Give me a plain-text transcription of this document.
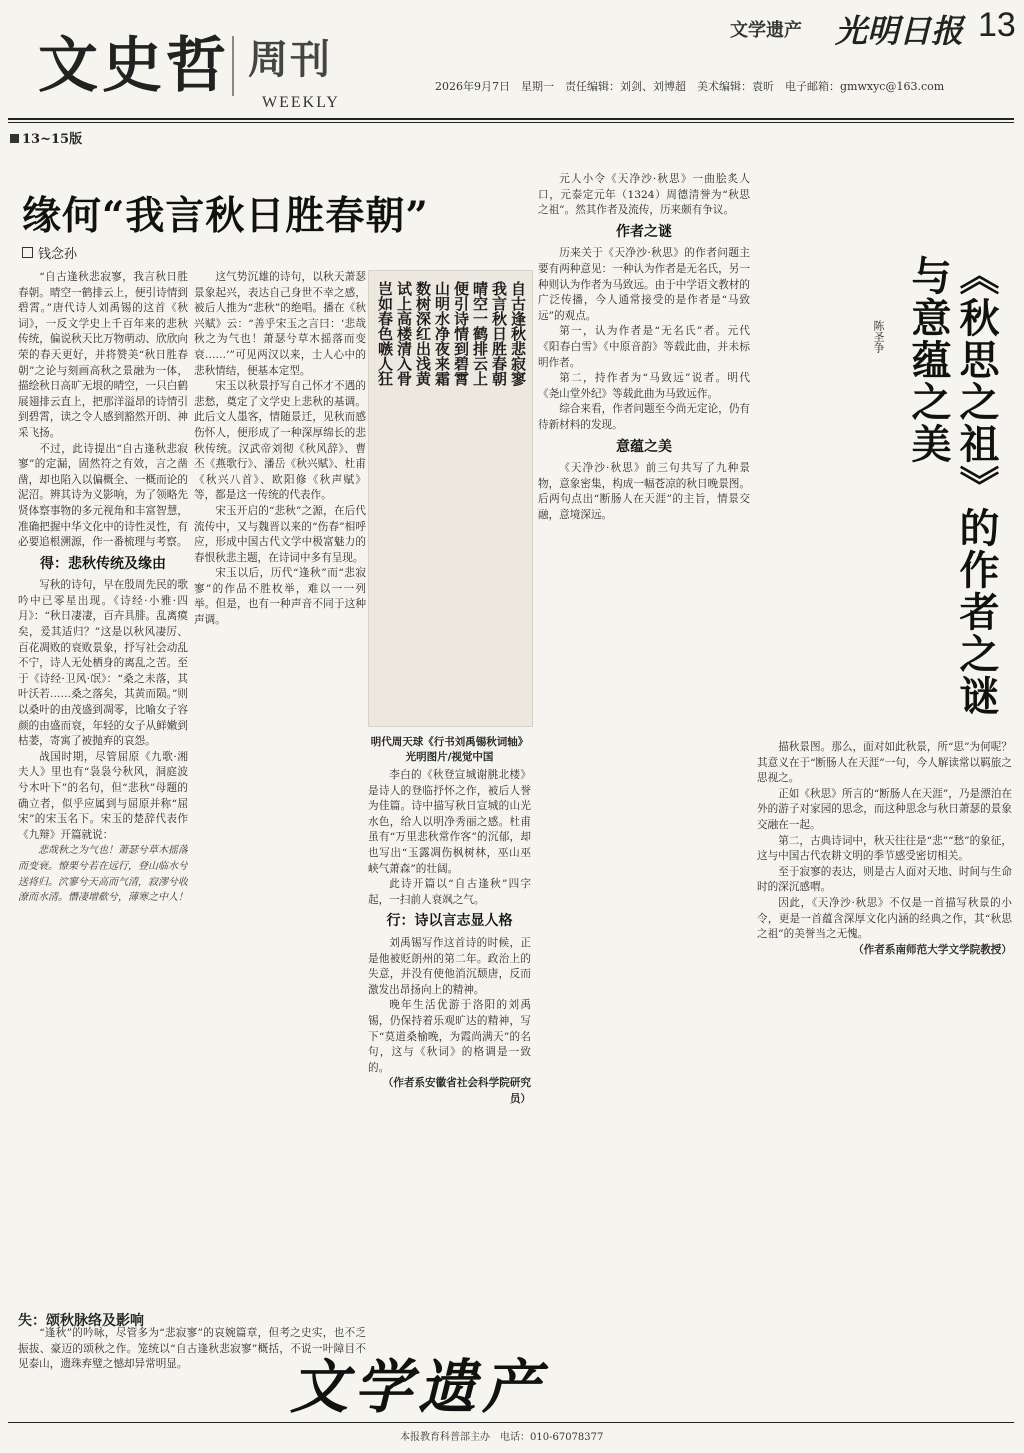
文史哲 周刊
WEEKLY
13~15版
文学遗产 光明日报 13
2026年9月7日　星期一　责任编辑：刘剑、刘博超　美术编辑：袁昕　电子邮箱：gmwxyc@163.com
缘何“我言秋日胜春朝”
钱念孙

“自古逢秋悲寂寥，我言秋日胜春朝。晴空一鹤排云上，便引诗情到碧霄。”唐代诗人刘禹锡的这首《秋词》，一反文学史上千百年来的悲秋传统，偏说秋天比万物萌动、欣欣向荣的春天更好，并将赞美“秋日胜春朝”之论与刻画高秋之景融为一体，描绘秋日高旷无垠的晴空，一只白鹤展翅排云直上，把那洋溢昂的诗情引到碧霄，读之令人感到豁然开朗、神采飞扬。

不过，此诗提出“自古逢秋悲寂寥”的定漏，固然符之有效，言之凿凿，却也陷入以偏概全、一概而论的泥沼。辨其诗为义影响，为了领略先贤体察事物的多元视角和丰富智慧，准确把握中华文化中的诗性灵性，有必要追根溯源，作一番梳理与考察。

得：悲秋传统及缘由

写秋的诗句，早在殷周先民的歌吟中已零星出现。《诗经·小雅·四月》：“秋日凄凄，百卉具腓。乱离瘼矣，爰其适归？”这是以秋风凄厉、百花凋败的衰败景象，抒写社会动乱不宁，诗人无处栖身的离乱之苦。至于《诗经·卫风·氓》：“桑之未落，其叶沃若……桑之落矣，其黄而陨。”则以桑叶的由茂盛到凋零，比喻女子容颜的由盛而衰，年轻的女子从鲜嫩到枯萎，寄寓了被抛弃的哀怨。

战国时期，尽管屈原《九歌·湘夫人》里也有“袅袅兮秋风，洞庭波兮木叶下”的名句，但“悲秋”母题的确立者，似乎应属到与屈原并称“屈宋”的宋玉名下。宋玉的楚辞代表作《九辩》开篇就说：

悲哉秋之为气也！萧瑟兮草木摇落而变衰。憭栗兮若在远行，登山临水兮送将归。泬寥兮天高而气清，寂漻兮收潦而水清。憯凄增欷兮，薄寒之中人！

这气势沉雄的诗句，以秋天萧瑟景象起兴，表达自己身世不幸之感，被后人推为“悲秋”的绝唱。播在《秋兴赋》云：“善乎宋玉之言曰：‘悲哉秋之为气也！萧瑟兮草木摇落而变衰……’”可见两汉以来，士人心中的悲秋情结，便基本定型。

宋玉以秋景抒写自己怀才不遇的悲愁，奠定了文学史上悲秋的基调。此后文人墨客，情随景迁，见秋而感伤怀人，便形成了一种深厚绵长的悲秋传统。汉武帝刘彻《秋风辞》、曹丕《燕歌行》、潘岳《秋兴赋》、杜甫《秋兴八首》、欧阳修《秋声赋》等，都是这一传统的代表作。

宋玉开启的“悲秋”之源，在后代流传中，又与魏晋以来的“伤春”相呼应，形成中国古代文学中极富魅力的春恨秋悲主题，在诗词中多有呈现。

宋玉以后，历代“逢秋”而“悲寂寥”的作品不胜枚举，难以一一列举。但是，也有一种声音不同于这种声调。

自古逢秋悲寂寥
我言秋日胜春朝
晴空一鹤排云上
便引诗情到碧霄
山明水净夜来霜
数树深红出浅黄
试上高楼清入骨
岂如春色嗾人狂
明代周天球《行书刘禹锡秋词轴》
光明图片/视觉中国

李白的《秋登宣城谢朓北楼》是诗人的登临抒怀之作，被后人誉为佳篇。诗中描写秋日宣城的山光水色，给人以明净秀丽之感。杜甫虽有“万里悲秋常作客”的沉郁，却也写出“玉露凋伤枫树林，巫山巫峡气萧森”的壮阔。

此诗开篇以“自古逢秋”四字起，一扫前人衰飒之气。

行：诗以言志显人格

刘禹锡写作这首诗的时候，正是他被贬朗州的第二年。政治上的失意，并没有使他消沉颓唐，反而激发出昂扬向上的精神。

晚年生活优游于洛阳的刘禹锡，仍保持着乐观旷达的精神，写下“莫道桑榆晚，为霞尚满天”的名句，这与《秋词》的格调是一致的。

（作者系安徽省社会科学院研究员）

失：颂秋脉络及影响

“逢秋”的吟咏，尽管多为“悲寂寥”的哀婉篇章，但考之史实，也不乏振拔、豪迈的颂秋之作。笼统以“自古逢秋悲寂寥”概括，不说一叶障目不见泰山，遗珠弃璧之憾却异常明显。

《秋思之祖》的作者之谜与意蕴之美
陈圣争

元人小令《天净沙·秋思》一曲脍炙人口，元泰定元年（1324）周德清誉为“秋思之祖”。然其作者及流传，历来颇有争议。

作者之谜

历来关于《天净沙·秋思》的作者问题主要有两种意见：一种认为作者是无名氏，另一种则认为作者为马致远。由于中学语文教材的广泛传播，今人通常接受的是作者是“马致远”的观点。

第一，认为作者是“无名氏”者。元代《阳春白雪》《中原音韵》等载此曲，并未标明作者。

第二，持作者为“马致远”说者。明代《尧山堂外纪》等载此曲为马致远作。

综合来看，作者问题至今尚无定论，仍有待新材料的发现。

意蕴之美

《天净沙·秋思》前三句共写了九种景物，意象密集，构成一幅苍凉的秋日晚景图。后两句点出“断肠人在天涯”的主旨，情景交融，意境深远。

描秋景图。那么，面对如此秋景，所“思”为何呢？其意义在于“断肠人在天涯”一句，今人解读常以羁旅之思视之。

正如《秋思》所言的“断肠人在天涯”，乃是漂泊在外的游子对家园的思念，而这种思念与秋日萧瑟的景象交融在一起。

第二，古典诗词中，秋天往往是“悲”“愁”的象征，这与中国古代农耕文明的季节感受密切相关。

至于寂寥的表达，则是古人面对天地、时间与生命时的深沉感喟。

因此，《天净沙·秋思》不仅是一首描写秋景的小令，更是一首蕴含深厚文化内涵的经典之作，其“秋思之祖”的美誉当之无愧。

（作者系南师范大学文学院教授）

文学遗产
本报教育科普部主办　电话：010-67078377
